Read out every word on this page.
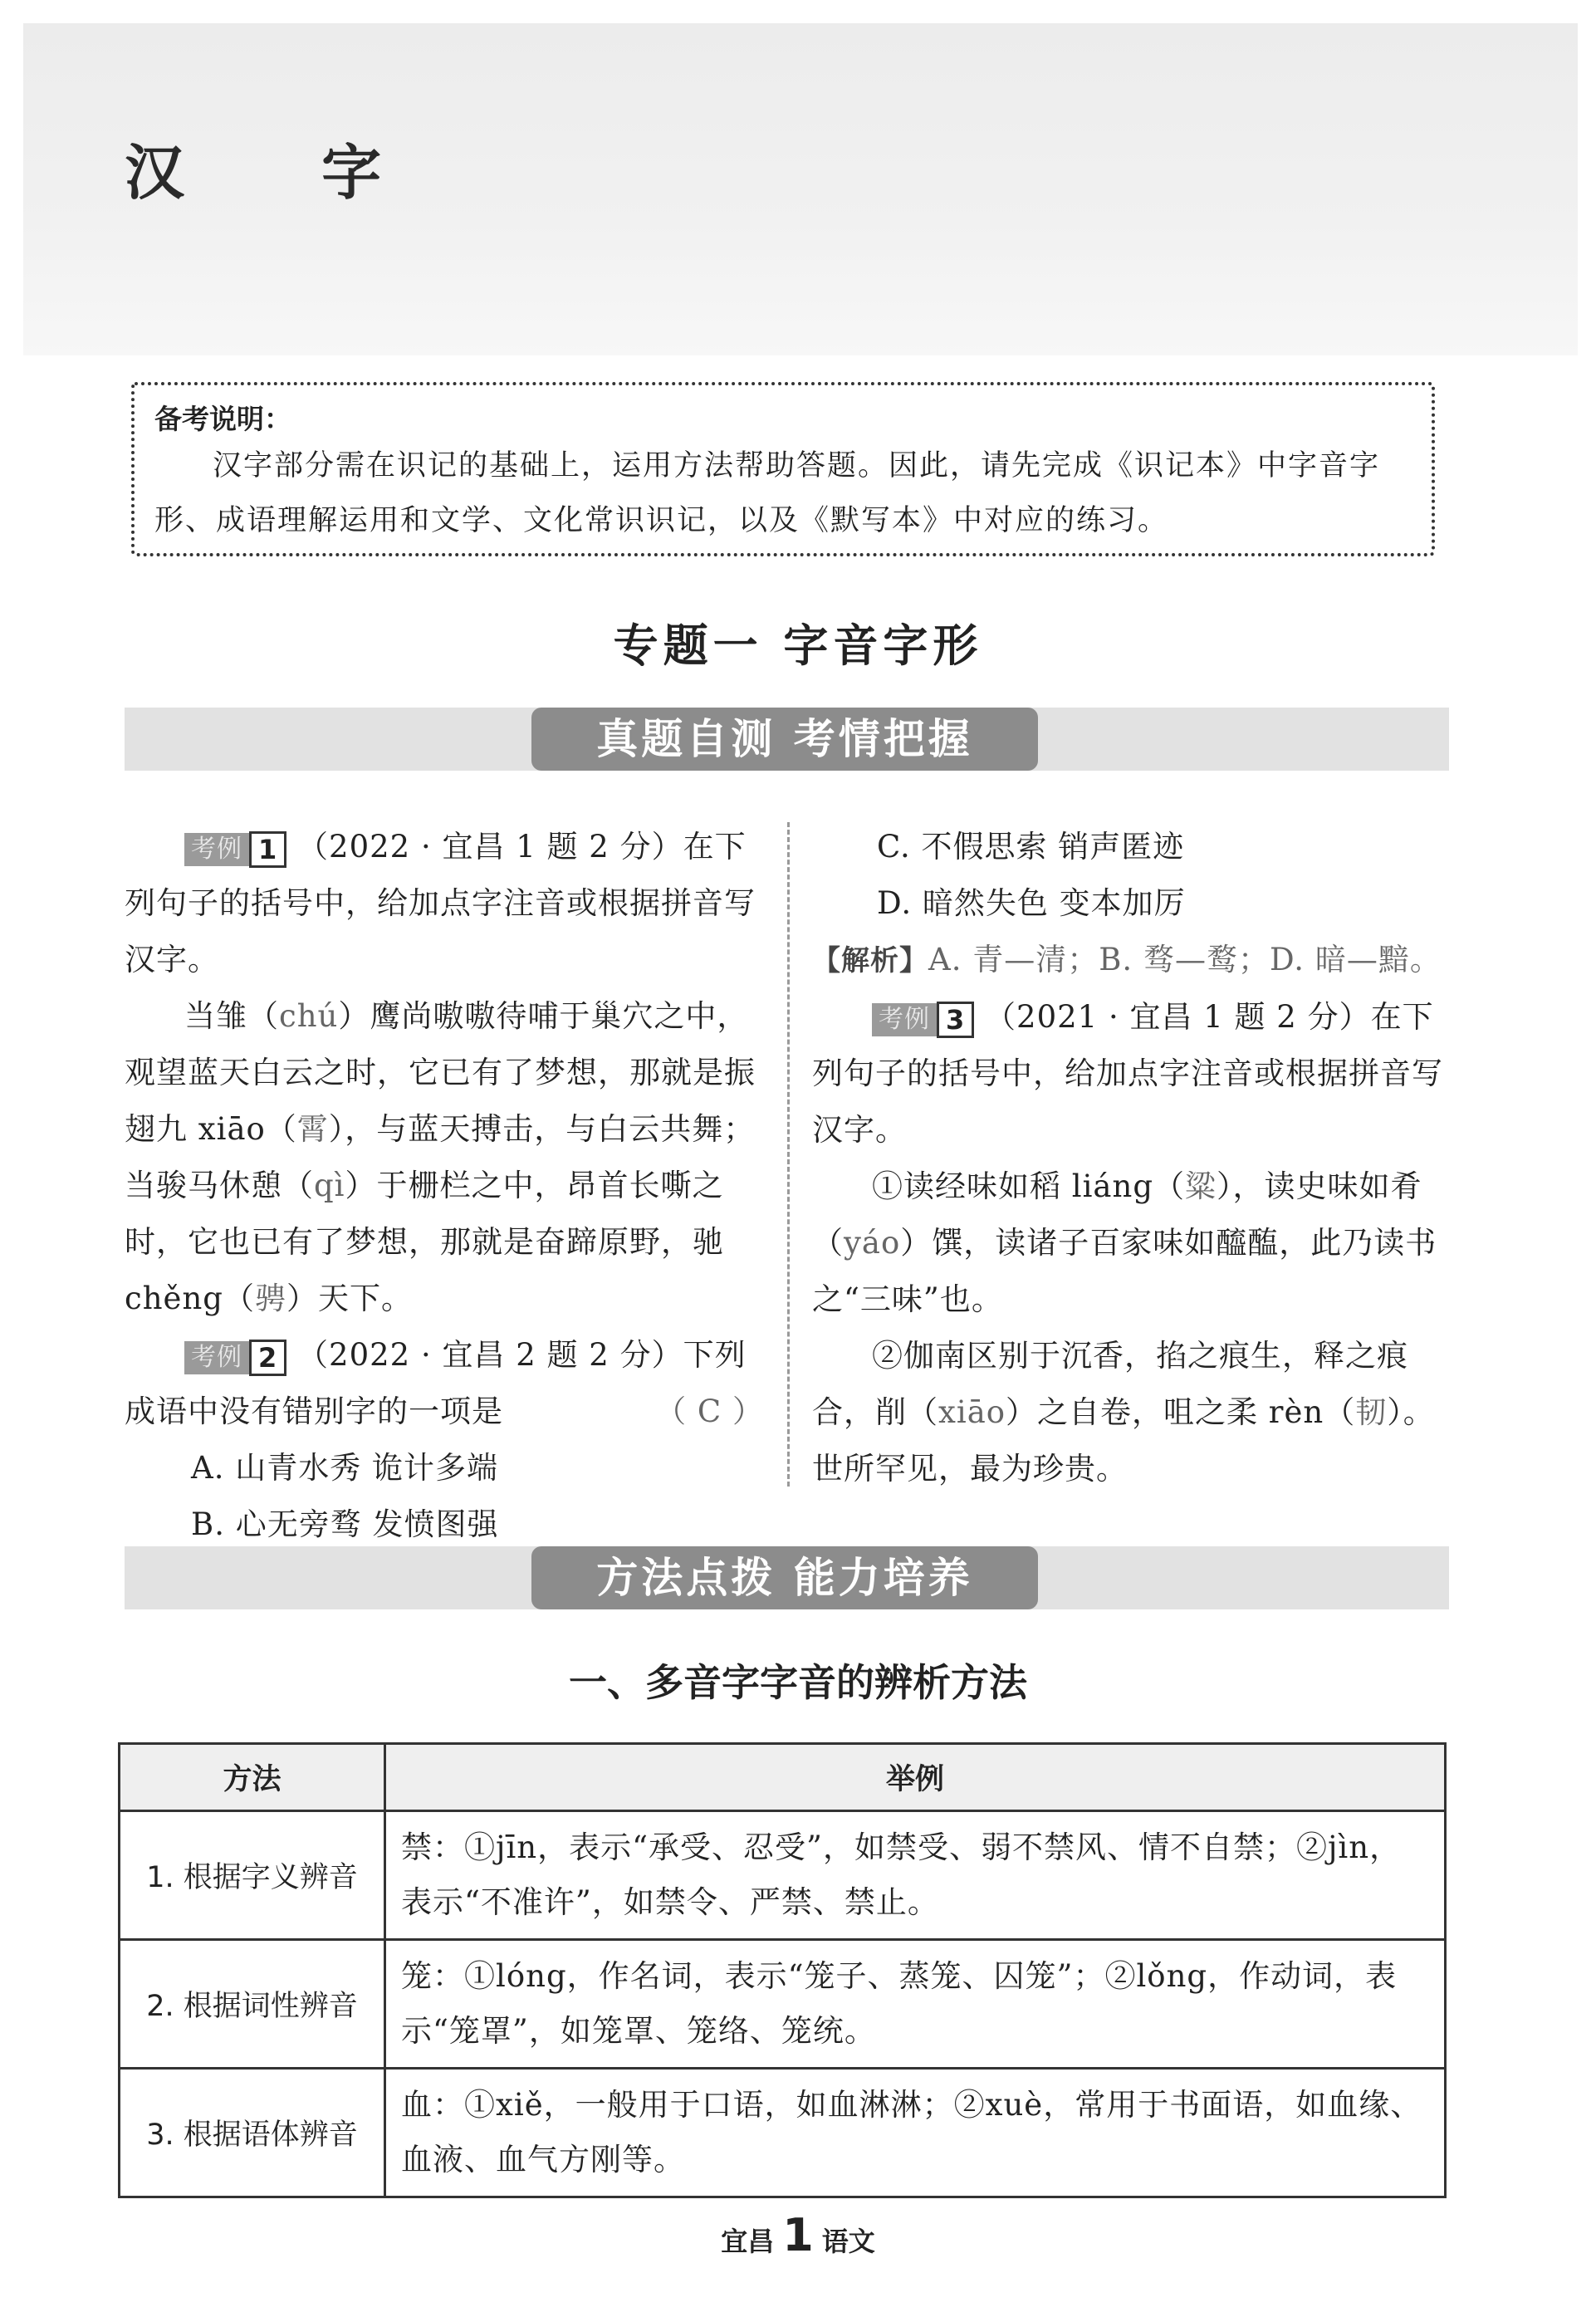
汉 字
备考说明：
汉字部分需在识记的基础上，运用方法帮助答题。因此，请先完成《识记本》中字音字形、成语理解运用和文学、文化常识识记，以及《默写本》中对应的练习。
专题一 字音字形
真题自测 考情把握

考例 1 （2022 · 宜昌 1 题 2 分）在下列句子的括号中，给加点字注音或根据拼音写汉字。

当雏（chú）鹰尚嗷嗷待哺于巢穴之中，观望蓝天白云之时，它已有了梦想，那就是振翅九 xiāo（霄），与蓝天搏击，与白云共舞；当骏马休憩（qì）于栅栏之中，昂首长嘶之时，它也已有了梦想，那就是奋蹄原野，驰 chěng（骋）天下。

考例 2 （2022 · 宜昌 2 题 2 分）下列成语中没有错别字的一项是	（ C ）

A. 山青水秀 诡计多端

B. 心无旁骛 发愤图强

C. 不假思索 销声匿迹

D. 暗然失色 变本加厉

【解析】A. 青—清；B. 骛—鹜；D. 暗—黯。

考例 3 （2021 · 宜昌 1 题 2 分）在下列句子的括号中，给加点字注音或根据拼音写汉字。

①读经味如稻 liáng（粱），读史味如肴（yáo）馔，读诸子百家味如醯醢，此乃读书之“三味”也。

②伽南区别于沉香，掐之痕生，释之痕合，削（xiāo）之自卷，咀之柔 rèn（韧）。世所罕见，最为珍贵。

方法点拨 能力培养
一、多音字字音的辨析方法
方法	举例
1. 根据字义辨音	禁：①jīn，表示“承受、忍受”，如禁受、弱不禁风、情不自禁；②jìn，表示“不准许”，如禁令、严禁、禁止。
2. 根据词性辨音	笼：①lóng，作名词，表示“笼子、蒸笼、囚笼”；②lǒng，作动词，表示“笼罩”，如笼罩、笼络、笼统。
3. 根据语体辨音	血：①xiě，一般用于口语，如血淋淋；②xuè，常用于书面语，如血缘、血液、血气方刚等。
宜昌 1 语文
